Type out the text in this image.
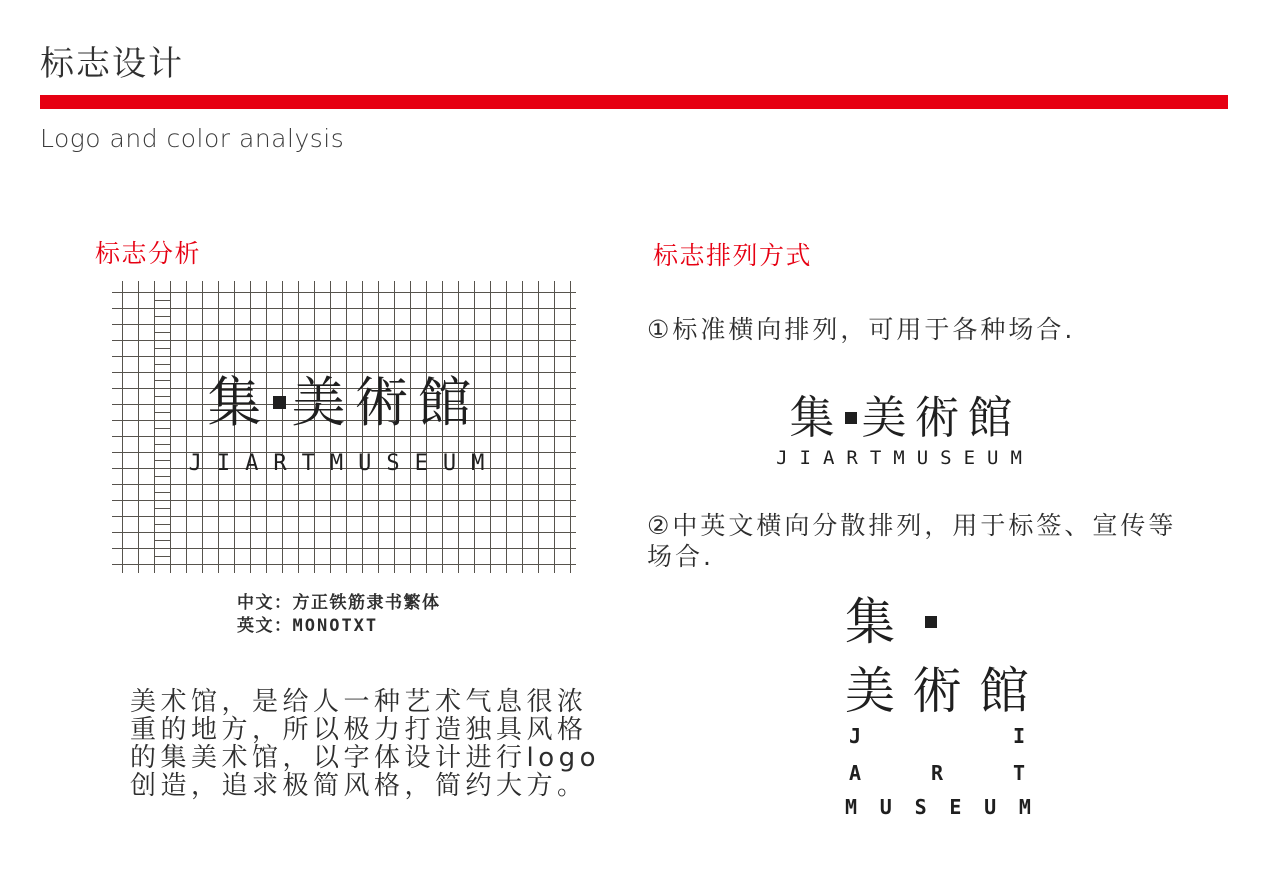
标志设计
Logo and color analysis
标志分析
集 美術館
JIARTMUSEUM
中文：方正铁筋隶书繁体
英文：MONOTXT
美术馆，是给人一种艺术气息很浓
重的地方，所以极力打造独具风格
的集美术馆，以字体设计进行logo
创造，追求极简风格，简约大方。
标志排列方式
①标准横向排列，可用于各种场合.
集 美術館
JIARTMUSEUM
②中英文横向分散排列，用于标签、宣传等
场合.
集
美術館
J	I
A	R	T
M U S E U M
